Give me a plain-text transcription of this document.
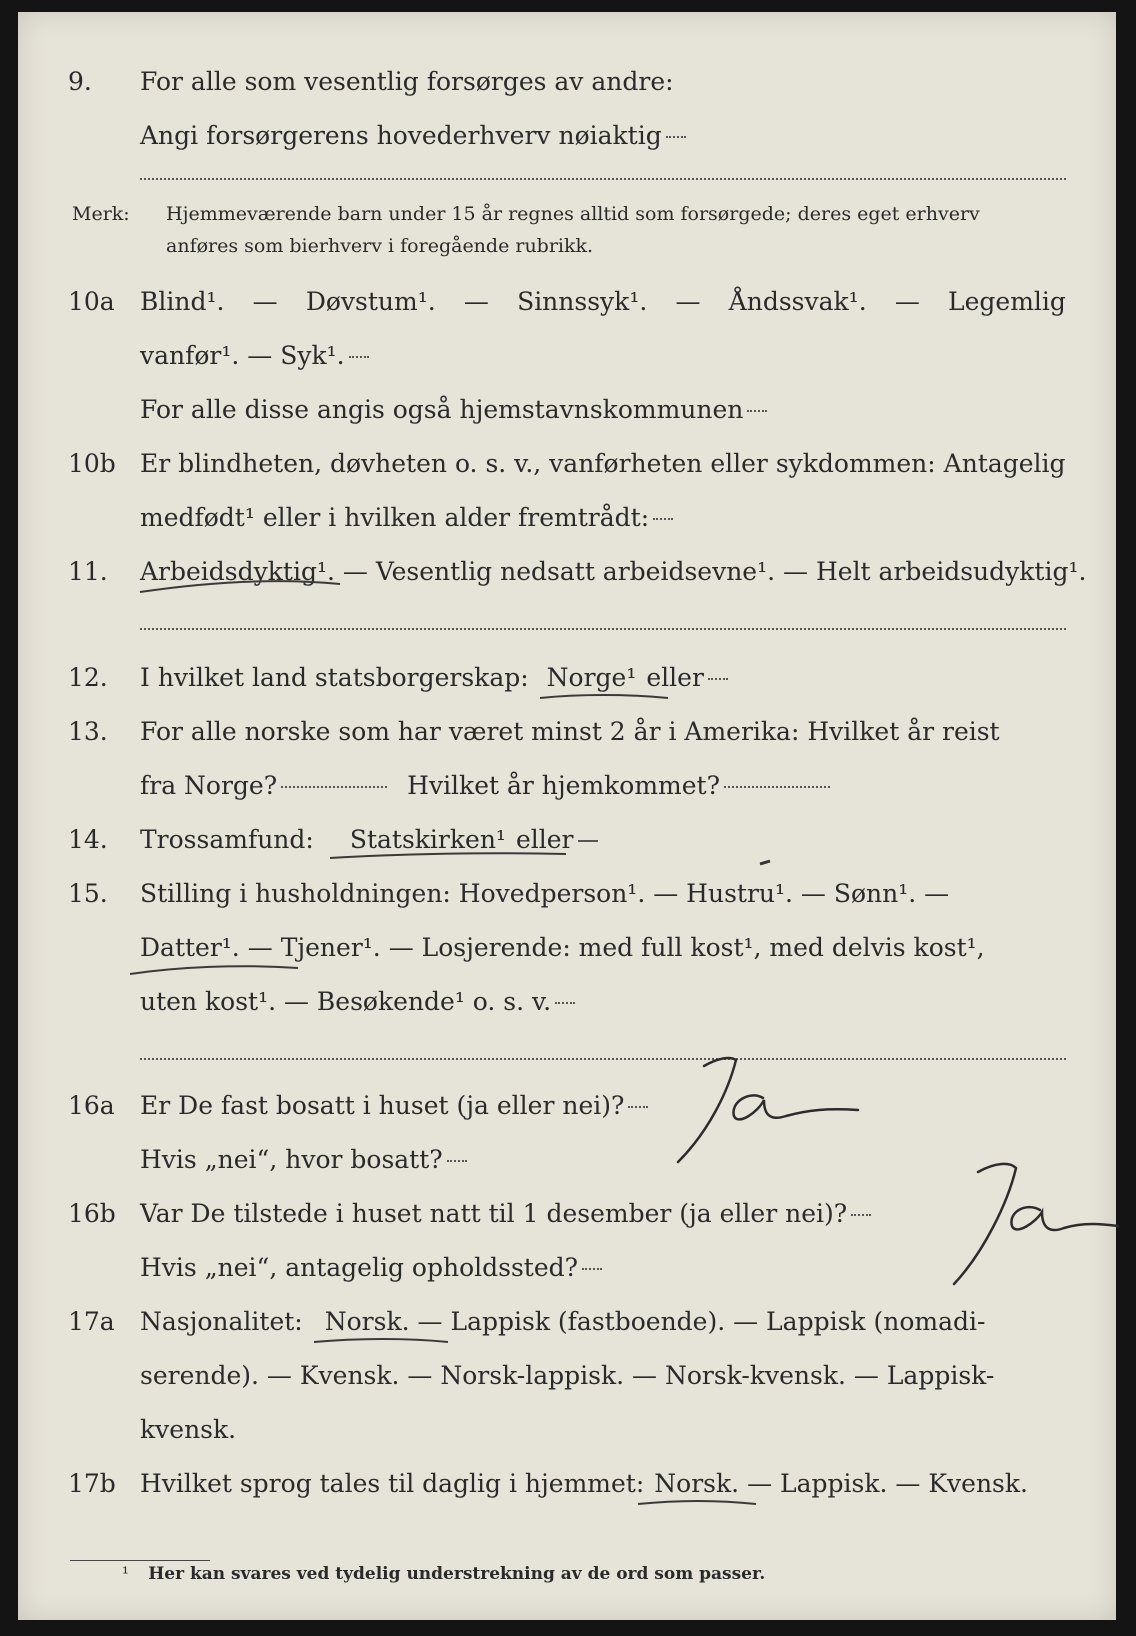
9. For alle som vesentlig forsørges av andre:
Angi forsørgerens hovederhverv nøiaktig
Merk: Hjemmeværende barn under 15 år regnes alltid som forsørgede; deres eget erhverv
anføres som bierhverv i foregående rubrikk.
10a Blind¹. — Døvstum¹. — Sinnssyk¹. — Åndssvak¹. — Legemlig
vanfør¹. — Syk¹.
For alle disse angis også hjemstavnskommunen
10b Er blindheten, døvheten o. s. v., vanførheten eller sykdommen: Antagelig
medfødt¹ eller i hvilken alder fremtrådt:
11. Arbeidsdyktig¹. — Vesentlig nedsatt arbeidsevne¹. — Helt arbeidsudyktig¹.
12. I hvilket land statsborgerskap: Norge¹ eller
13. For alle norske som har været minst 2 år i Amerika: Hvilket år reist
fra Norge?	Hvilket år hjemkommet?
14. Trossamfund: Statskirken¹ eller
15. Stilling i husholdningen: Hovedperson¹. — Hustru¹. — Sønn¹. —
Datter¹. — Tjener¹. — Losjerende: med full kost¹, med delvis kost¹,
uten kost¹. — Besøkende¹ o. s. v.
16a Er De fast bosatt i huset (ja eller nei)?
Hvis „nei“, hvor bosatt?
16b Var De tilstede i huset natt til 1 desember (ja eller nei)?
Hvis „nei“, antagelig opholdssted?
17a Nasjonalitet: Norsk. — Lappisk (fastboende). — Lappisk (nomadi-
serende). — Kvensk. — Norsk-lappisk. — Norsk-kvensk. — Lappisk-
kvensk.
17b Hvilket sprog tales til daglig i hjemmet: Norsk. — Lappisk. — Kvensk.
¹ Her kan svares ved tydelig understrekning av de ord som passer.
